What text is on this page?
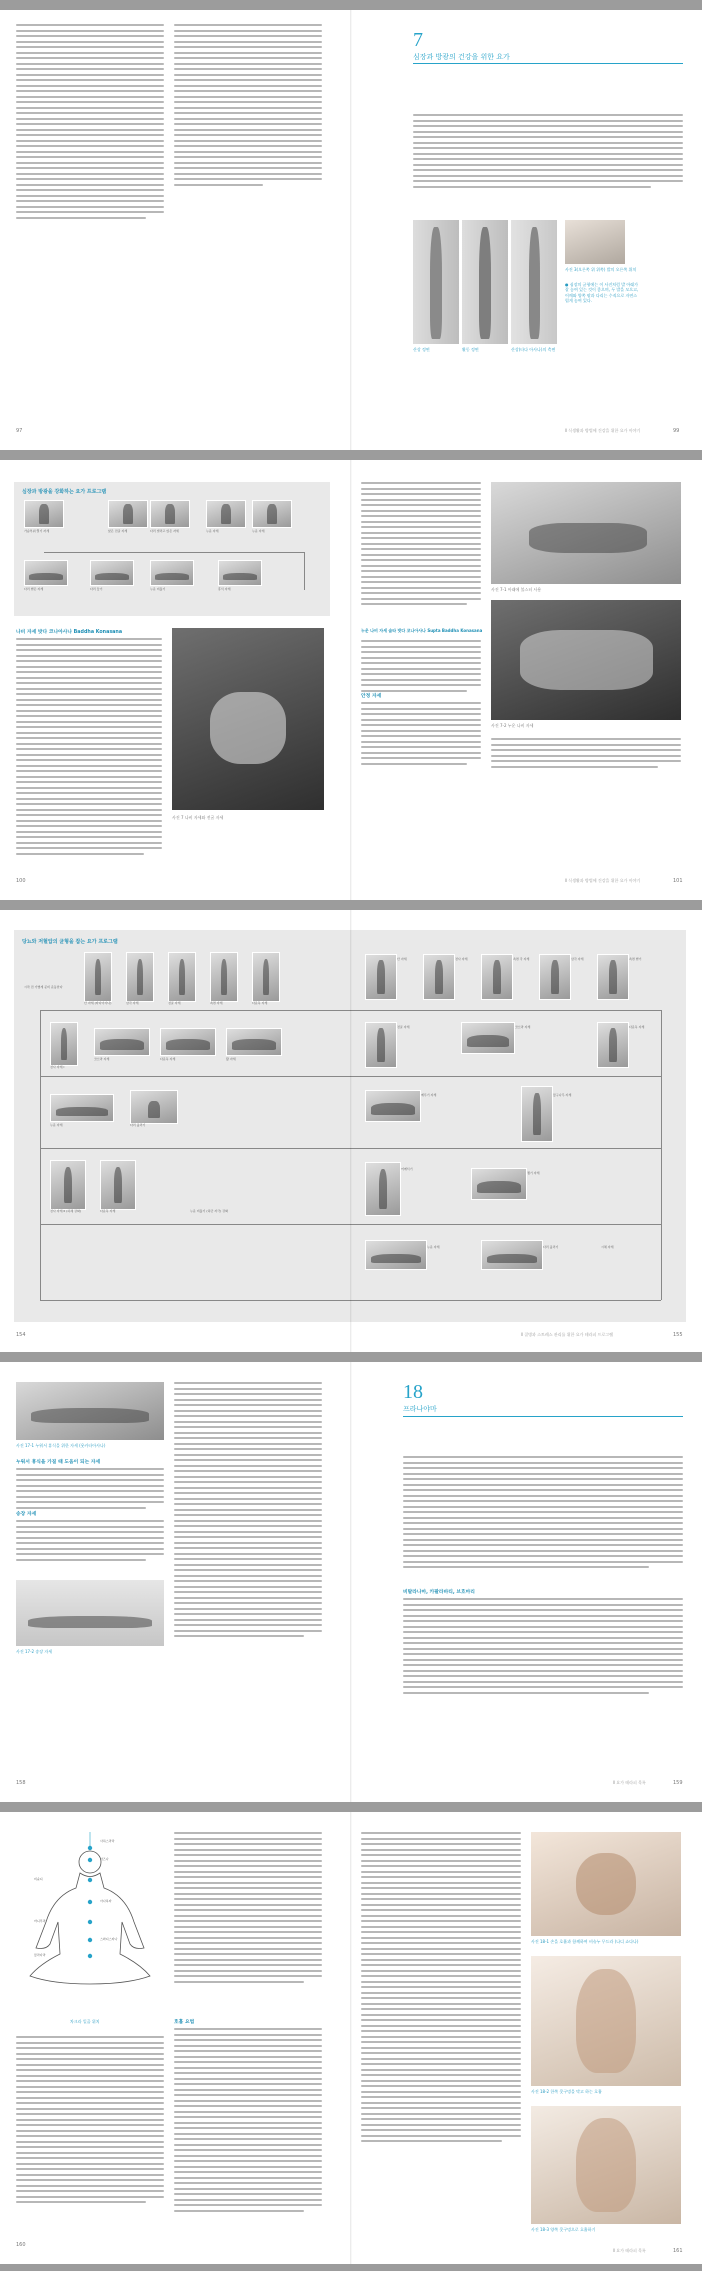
97
7
심장과 방광의 건강을 위한 요가
산상 정면	활동 정면	산상(타다 아사나)의 측면
사진 3(오른쪽 위 위쪽) 발의 오른쪽 위치
● 심장의 균형에는 이 사진처럼 발 아래가 잘 놓여 있는 것이 좋으며, 두 발을 모으고, 어깨와 양쪽 팔과 다리는 수직으로 자연스럽게 놓여 있다.
Ⅱ 식생활과 방법에 건강을 위한 요가 이야기	99
심장과 방광을 강화하는 요가 프로그램
가슴부위 열기 자세	앉은 전굴 자세	다리 벌리고 앉은 자세	누운 자세	누운 자세
다리 뻗은 자세	다리 들기	누운 비틀기	휴식 자세
나비 자세 밧다 코나아사나 Baddha Konasana
사진 7 나비 자세와 전굴 자세
100
누운 나비 자세 숩타 밧다 코나아사나 Supta Baddha Konasana
안정 자세
사진 7-1 아래에 볼스터 사용
사진 7-2 누운 나비 자세
Ⅱ 식생활과 방법에 건강을 위한 요가 이야기	101
당뇨와 저혈압의 균형을 잡는 요가 프로그램
시작 전 가볍게 준비 운동한다
산 자세 (타다아사나)	삼각 자세	전굴 자세	측면 자세	다운독 자세
전사 자세 I
코브라 자세	다운독 자세	활 자세
누운 자세	다리 올리기
전사 자세 II (하체 강화)	다운독 자세	누운 비틀기 (하단 자극) 강화
154
산 자세	전사 자세	측면 각 자세	삼각 자세	측면 뻗기
전굴 자세	코브라 자세	다운독 자세
메뚜기 자세	물구나무 자세
어깨서기
쟁기 자세
누운 자세	다리 올리기	시체 자세
Ⅱ 질병과 스트레스 관리를 위한 요가 테라피 프로그램	155
사진 17-1 누워서 휴식을 위한 자세 (웃카타아사나)
누워서 휴식을 가질 때 도움이 되는 자세
송장 자세
사진 17-2 송장 자세
158
18
프라나야마
비탈라나마, 카팔라바티, 브흐마리
Ⅱ 요가 테라피 목록	159
사하스라라
아즈나
비슛디
아나하타
마니푸라
스와디스타나
물라다라
차크라 일곱 위치	호흡 요법
160
사진 18-1 손을 호흡과 함께하여 비슈누 무드라 (나디 쇼다나)
사진 18-2 한쪽 콧구멍을 막고 하는 호흡
사진 18-3 양쪽 콧구멍으로 호흡하기
Ⅱ 요가 테라피 목록	161
